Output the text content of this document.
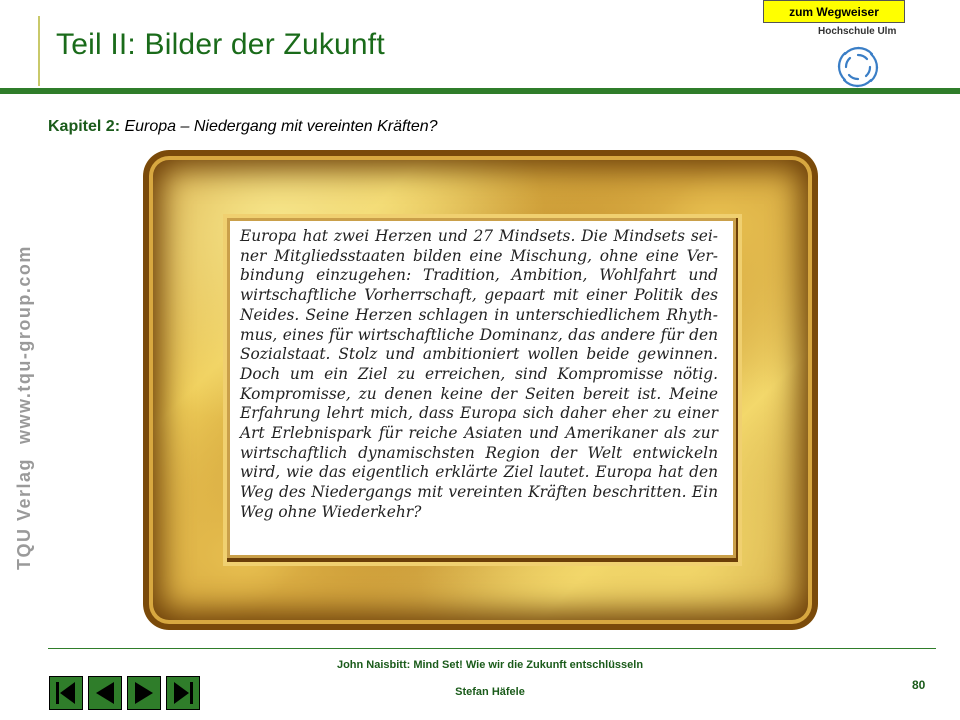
zum Wegweiser
Teil II: Bilder der Zukunft	Hochschule Ulm
TQU Verlagwww.tqu-group.com
Kapitel 2: Europa – Niedergang mit vereinten Kräften?
Europa hat zwei Herzen und 27 Mindsets. Die Mindsets sei-
ner Mitgliedsstaaten bilden eine Mischung, ohne eine Ver-
bindung einzugehen: Tradition, Ambition, Wohlfahrt und
wirtschaftliche Vorherrschaft, gepaart mit einer Politik des
Neides. Seine Herzen schlagen in unterschiedlichem Rhyth-
mus, eines für wirtschaftliche Dominanz, das andere für den
Sozialstaat. Stolz und ambitioniert wollen beide gewinnen.
Doch um ein Ziel zu erreichen, sind Kompromisse nötig.
Kompromisse, zu denen keine der Seiten bereit ist. Meine
Erfahrung lehrt mich, dass Europa sich daher eher zu einer
Art Erlebnispark für reiche Asiaten und Amerikaner als zur
wirtschaftlich dynamischsten Region der Welt entwickeln
wird, wie das eigentlich erklärte Ziel lautet. Europa hat den
Weg des Niedergangs mit vereinten Kräften beschritten. Ein
Weg ohne Wiederkehr?
John Naisbitt: Mind Set! Wie wir die Zukunft entschlüsseln
Stefan Häfele	80
